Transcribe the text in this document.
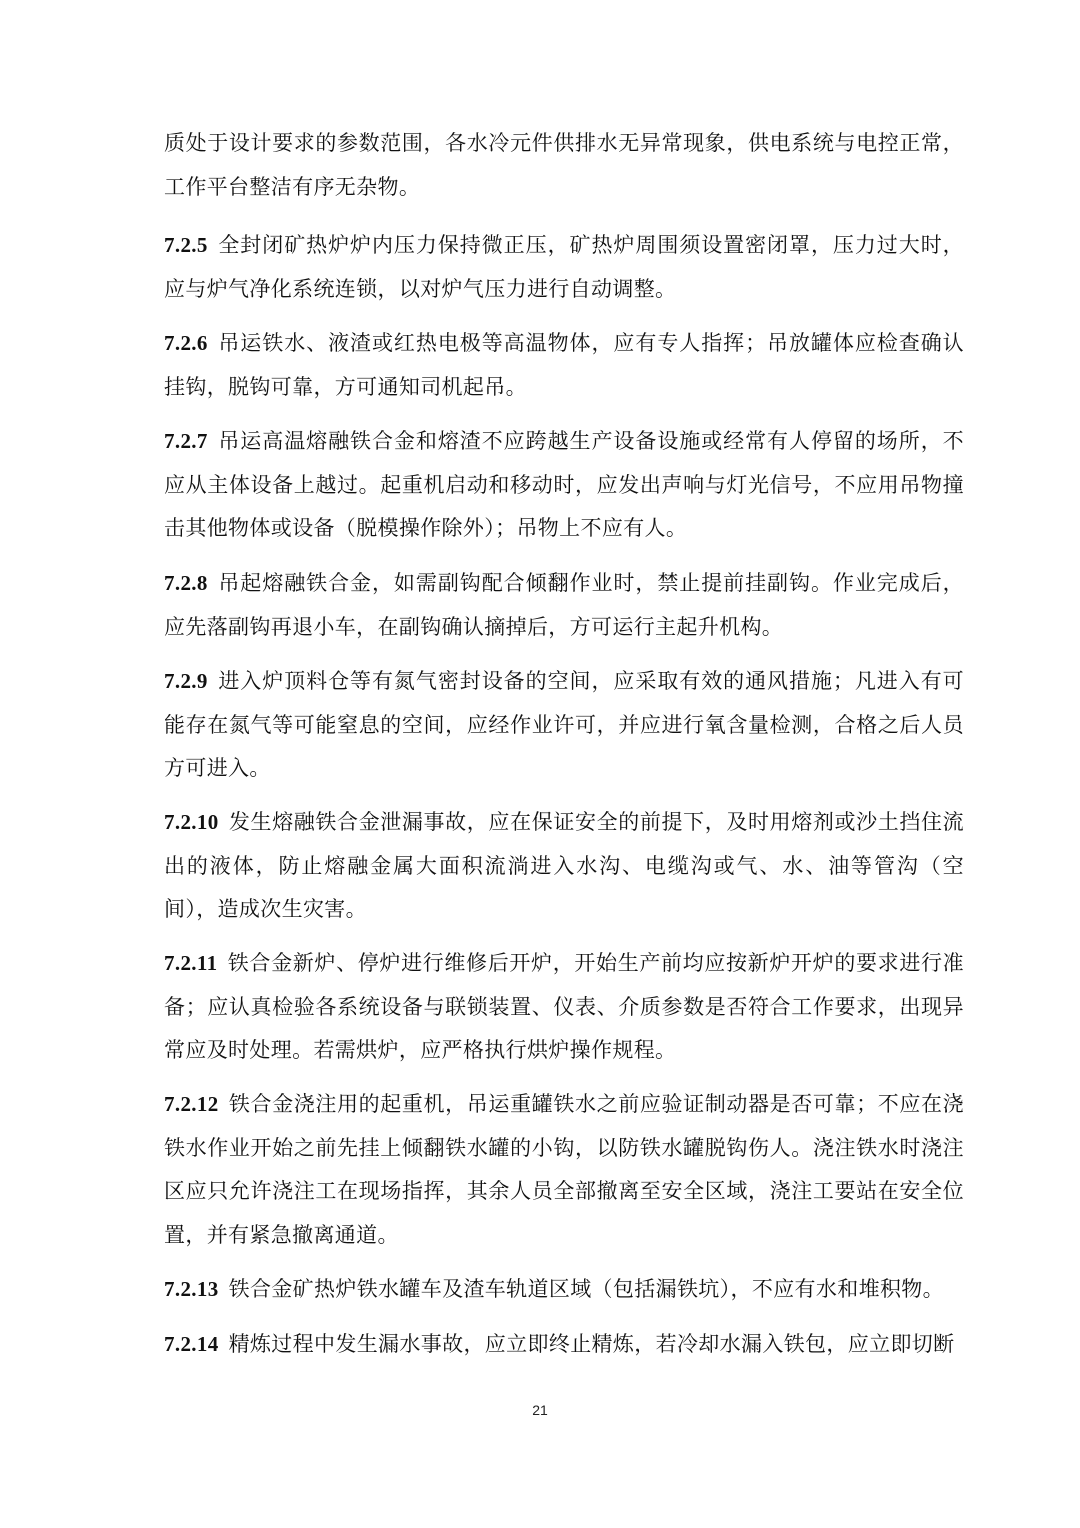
质处于设计要求的参数范围，各水冷元件供排水无异常现象，供电系统与电控正常，工作平台整洁有序无杂物。

7.2.5 全封闭矿热炉炉内压力保持微正压，矿热炉周围须设置密闭罩，压力过大时，应与炉气净化系统连锁，以对炉气压力进行自动调整。

7.2.6 吊运铁水、液渣或红热电极等高温物体，应有专人指挥；吊放罐体应检查确认挂钩，脱钩可靠，方可通知司机起吊。

7.2.7 吊运高温熔融铁合金和熔渣不应跨越生产设备设施或经常有人停留的场所，不应从主体设备上越过。起重机启动和移动时，应发出声响与灯光信号，不应用吊物撞击其他物体或设备（脱模操作除外）；吊物上不应有人。

7.2.8 吊起熔融铁合金，如需副钩配合倾翻作业时，禁止提前挂副钩。作业完成后，应先落副钩再退小车，在副钩确认摘掉后，方可运行主起升机构。

7.2.9 进入炉顶料仓等有氮气密封设备的空间，应采取有效的通风措施；凡进入有可能存在氮气等可能窒息的空间，应经作业许可，并应进行氧含量检测，合格之后人员方可进入。

7.2.10 发生熔融铁合金泄漏事故，应在保证安全的前提下，及时用熔剂或沙土挡住流出的液体，防止熔融金属大面积流淌进入水沟、电缆沟或气、水、油等管沟（空间），造成次生灾害。

7.2.11 铁合金新炉、停炉进行维修后开炉，开始生产前均应按新炉开炉的要求进行准备；应认真检验各系统设备与联锁装置、仪表、介质参数是否符合工作要求，出现异常应及时处理。若需烘炉，应严格执行烘炉操作规程。

7.2.12 铁合金浇注用的起重机，吊运重罐铁水之前应验证制动器是否可靠；不应在浇铁水作业开始之前先挂上倾翻铁水罐的小钩，以防铁水罐脱钩伤人。浇注铁水时浇注区应只允许浇注工在现场指挥，其余人员全部撤离至安全区域，浇注工要站在安全位置，并有紧急撤离通道。

7.2.13 铁合金矿热炉铁水罐车及渣车轨道区域（包括漏铁坑），不应有水和堆积物。

7.2.14 精炼过程中发生漏水事故，应立即终止精炼，若冷却水漏入铁包，应立即切断

21
